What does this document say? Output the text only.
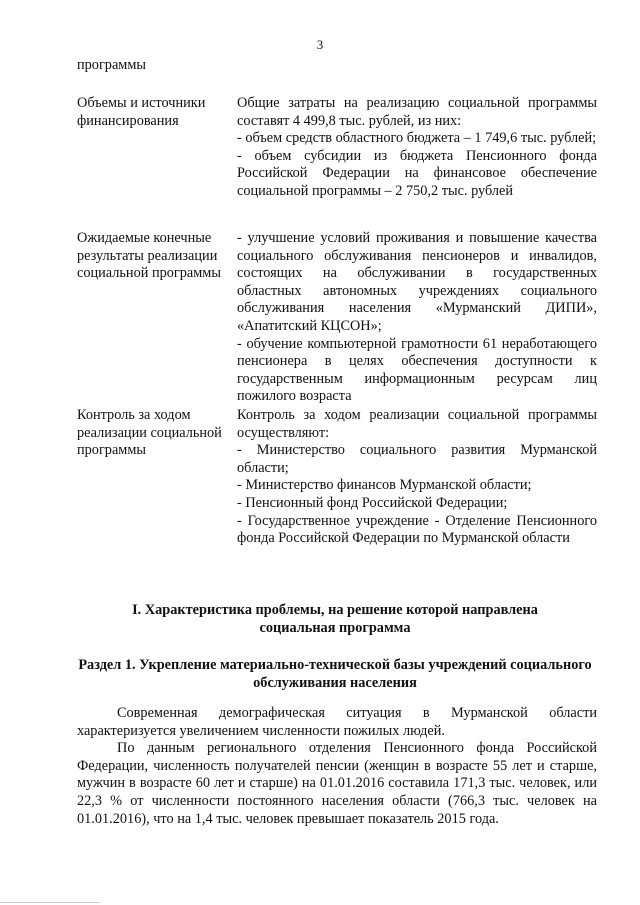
3
программы
Объемы и источники финансирования

Общие затраты на реализацию социальной программы составят 4 499,8 тыс. рублей, из них:

- объем средств областного бюджета – 1 749,6 тыс. рублей;

- объем субсидии из бюджета Пенсионного фонда Российской Федерации на финансовое обеспечение социальной программы – 2 750,2 тыс. рублей

Ожидаемые конечные результаты реализации социальной программы

- улучшение условий проживания и повышение качества социального обслуживания пенсионеров и инвалидов, состоящих на обслуживании в государственных областных автономных учреждениях социального обслуживания населения «Мурманский ДИПИ», «Апатитский КЦСОН»;

- обучение компьютерной грамотности 61 неработающего пенсионера в целях обеспечения доступности к государственным информационным ресурсам лиц пожилого возраста

Контроль за ходом реализации социальной программы

Контроль за ходом реализации социальной программы осуществляют:

- Министерство социального развития Мурманской области;

- Министерство финансов Мурманской области;

- Пенсионный фонд Российской Федерации;

- Государственное учреждение - Отделение Пенсионного фонда Российской Федерации по Мурманской области

I. Характеристика проблемы, на решение которой направлена социальная программа

Раздел 1. Укрепление материально-технической базы учреждений социального обслуживания населения

Современная демографическая ситуация в Мурманской области характеризуется увеличением численности пожилых людей.

По данным регионального отделения Пенсионного фонда Российской Федерации, численность получателей пенсии (женщин в возрасте 55 лет и старше, мужчин в возрасте 60 лет и старше) на 01.01.2016 составила 171,3 тыс. человек, или 22,3 % от численности постоянного населения области (766,3 тыс. человек на 01.01.2016), что на 1,4 тыс. человек превышает показатель 2015 года.
